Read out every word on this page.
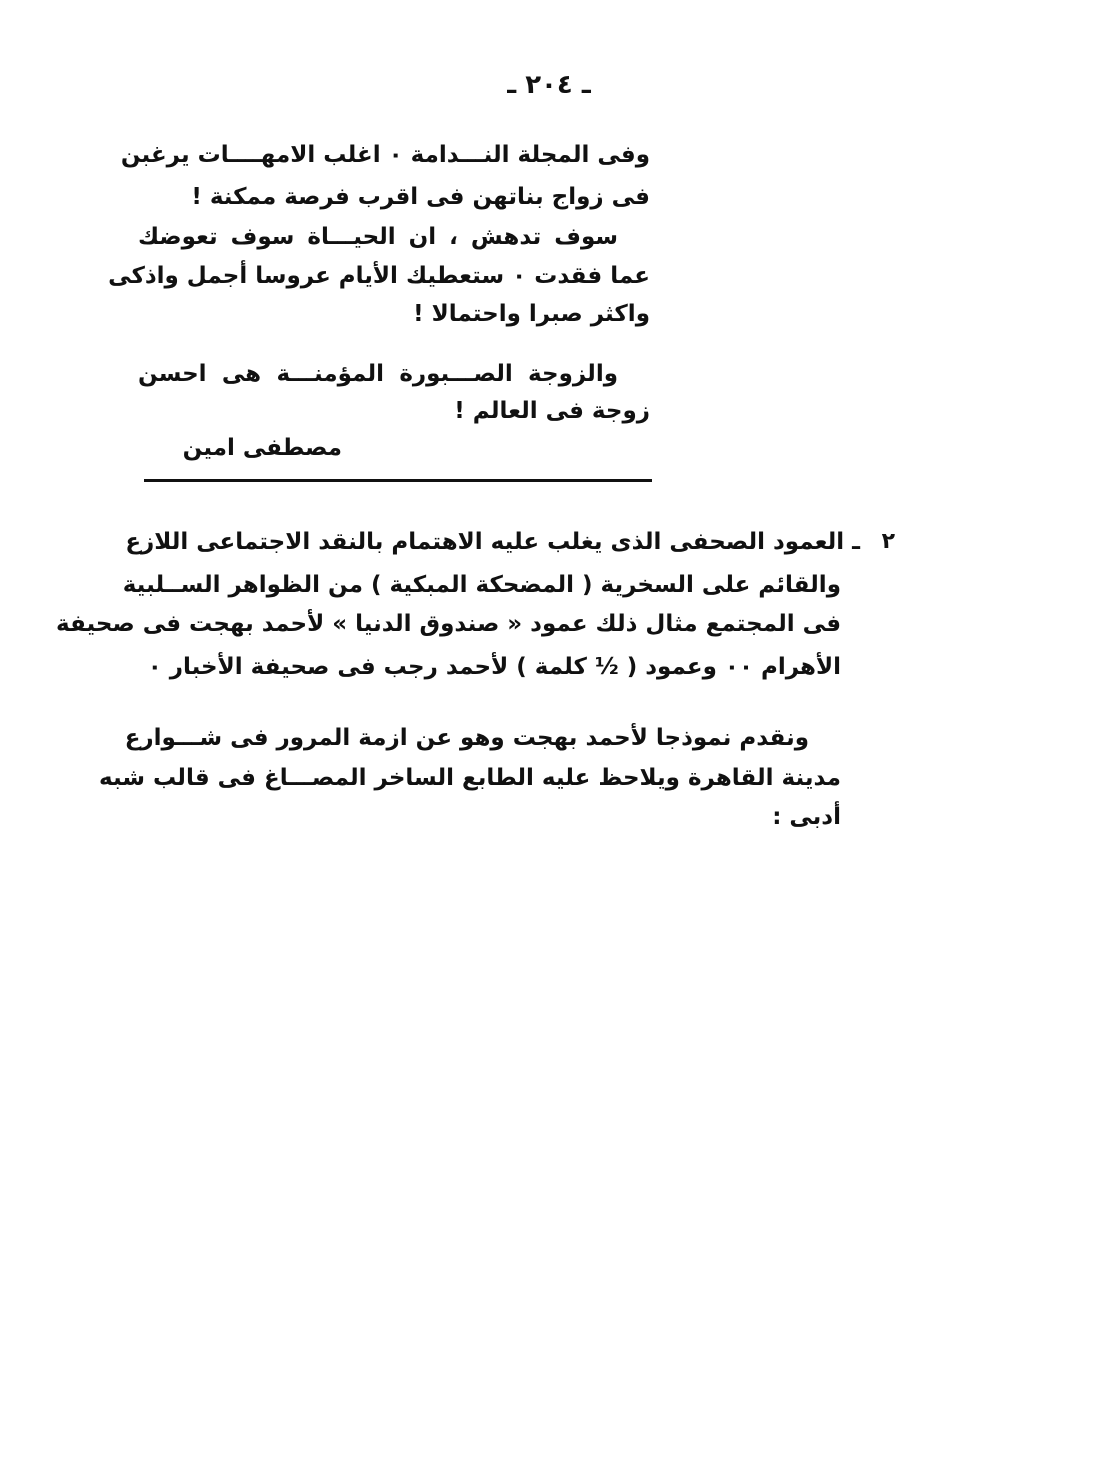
ـ ٢٠٤ ـ
وفى المجلة النـــدامة ٠ اغلب الامهــــات يرغبن
فى زواج بناتهن فى اقرب فرصة ممكنة !
سوف تدهش ، ان الحيـــاة سوف تعوضك
عما فقدت ٠ ستعطيك الأيام عروسا أجمل واذكى
واكثر صبرا واحتمالا !
والزوجة الصـــبورة المؤمنـــة هى احسن
زوجة فى العالم !
مصطفى امين
٢
ـ العمود الصحفى الذى يغلب عليه الاهتمام بالنقد الاجتماعى اللازع
والقائم على السخرية ( المضحكة المبكية ) من الظواهر الســلبية
فى المجتمع مثال ذلك عمود « صندوق الدنيا » لأحمد بهجت فى صحيفة
الأهرام ٠٠ وعمود ( ½ كلمة ) لأحمد رجب فى صحيفة الأخبار ٠
ونقدم نموذجا لأحمد بهجت وهو عن ازمة المرور فى شـــوارع
مدينة القاهرة ويلاحظ عليه الطابع الساخر المصـــاغ فى قالب شبه
أدبى :
